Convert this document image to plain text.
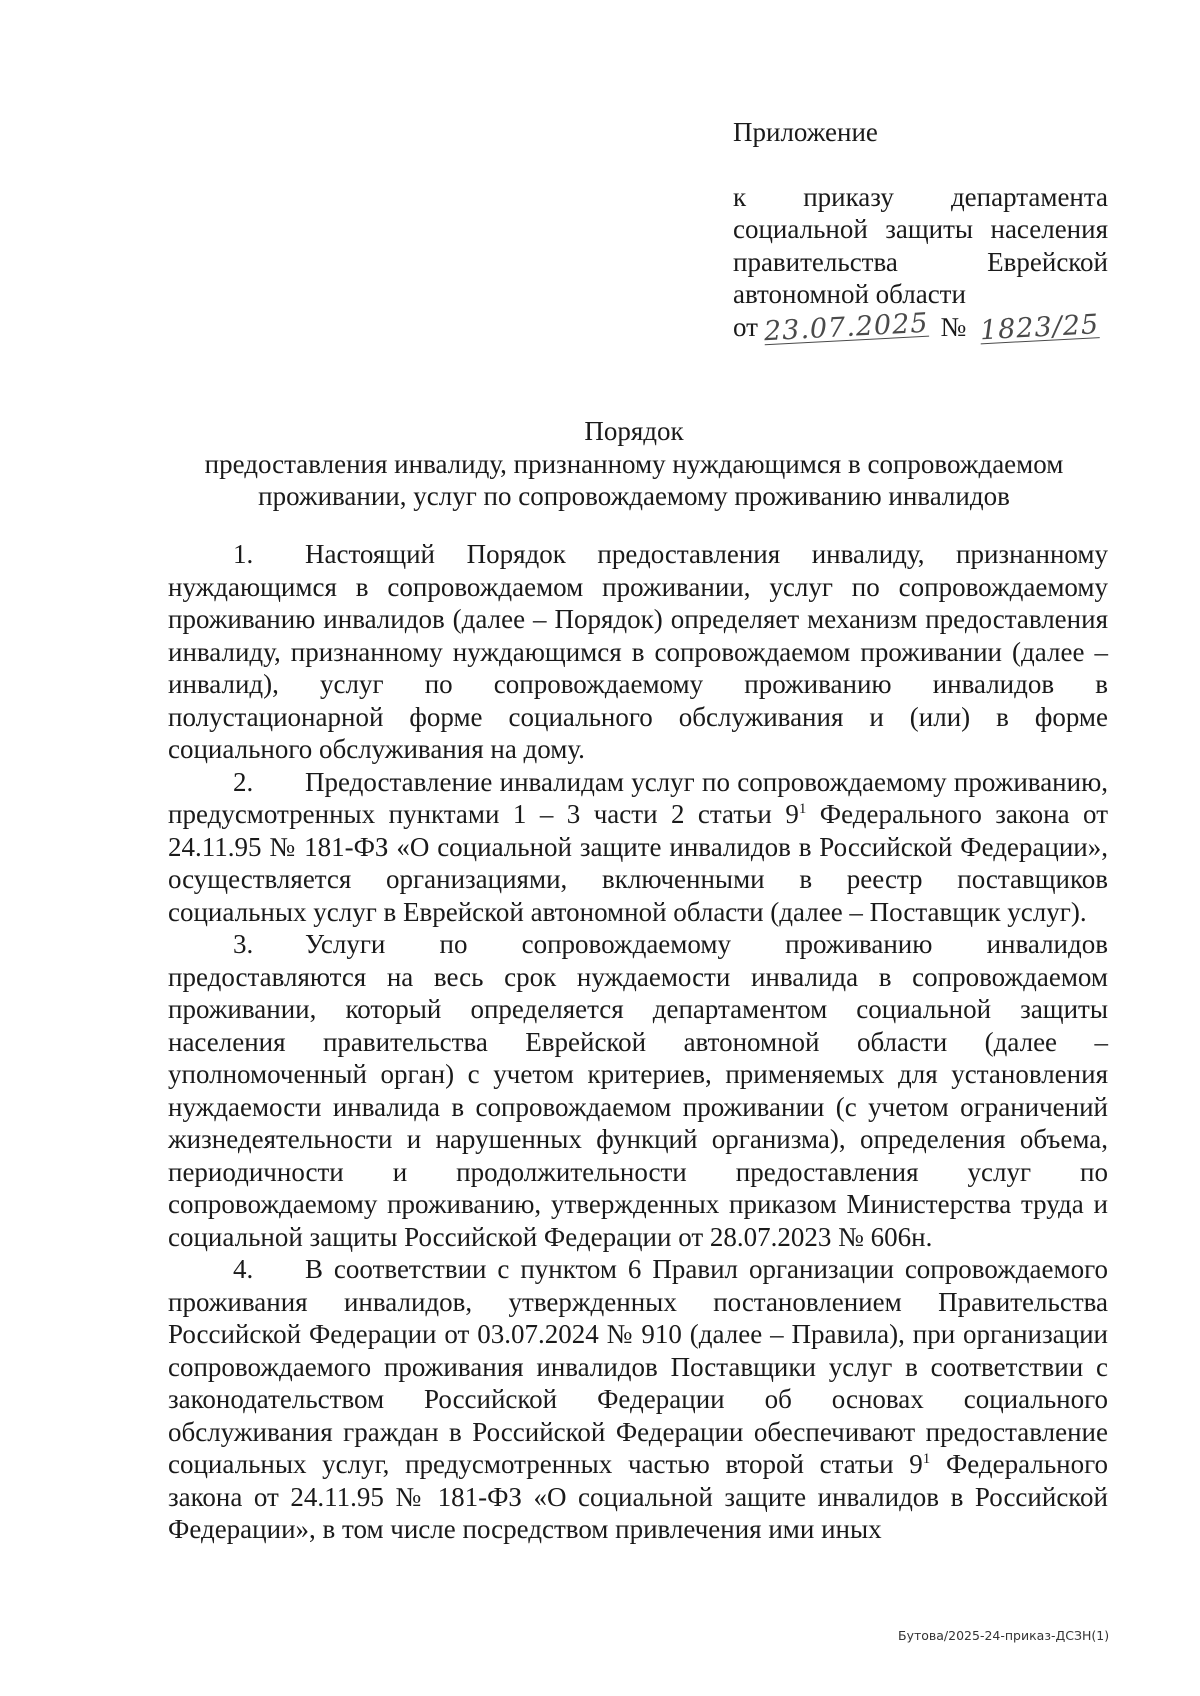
Приложение
к приказу департамента
социальной защиты населения
правительства Еврейской
автономной области
от 23.07.2025 № 1823/25
Порядок
предоставления инвалиду, признанному нуждающимся в сопровождаемом
проживании, услуг по сопровождаемому проживанию инвалидов

1. Настоящий Порядок предоставления инвалиду, признанному нуждающимся в сопровождаемом проживании, услуг по сопровождаемому проживанию инвалидов (далее – Порядок) определяет механизм предоставления инвалиду, признанному нуждающимся в сопровождаемом проживании (далее – инвалид), услуг по сопровождаемому проживанию инвалидов в полустационарной форме социального обслуживания и (или) в форме социального обслуживания на дому.

2. Предоставление инвалидам услуг по сопровождаемому проживанию, предусмотренных пунктами 1 – 3 части 2 статьи $9^1$ Федерального закона от 24.11.95 № 181-ФЗ «О социальной защите инвалидов в Российской Федерации», осуществляется организациями, включенными в реестр поставщиков социальных услуг в Еврейской автономной области (далее – Поставщик услуг).

3. Услуги по сопровождаемому проживанию инвалидов предоставляются на весь срок нуждаемости инвалида в сопровождаемом проживании, который определяется департаментом социальной защиты населения правительства Еврейской автономной области (далее – уполномоченный орган) с учетом критериев, применяемых для установления нуждаемости инвалида в сопровождаемом проживании (с учетом ограничений жизнедеятельности и нарушенных функций организма), определения объема, периодичности и продолжительности предоставления услуг по сопровождаемому проживанию, утвержденных приказом Министерства труда и социальной защиты Российской Федерации от 28.07.2023 № 606н.

4. В соответствии с пунктом 6 Правил организации сопровождаемого проживания инвалидов, утвержденных постановлением Правительства Российской Федерации от 03.07.2024 № 910 (далее – Правила), при организации сопровождаемого проживания инвалидов Поставщики услуг в соответствии с законодательством Российской Федерации об основах социального обслуживания граждан в Российской Федерации обеспечивают предоставление социальных услуг, предусмотренных частью второй статьи $9^1$ Федерального закона от 24.11.95 № 181-ФЗ «О социальной защите инвалидов в Российской Федерации», в том числе посредством привлечения ими иных

Бутова/2025-24-приказ-ДСЗН(1)
